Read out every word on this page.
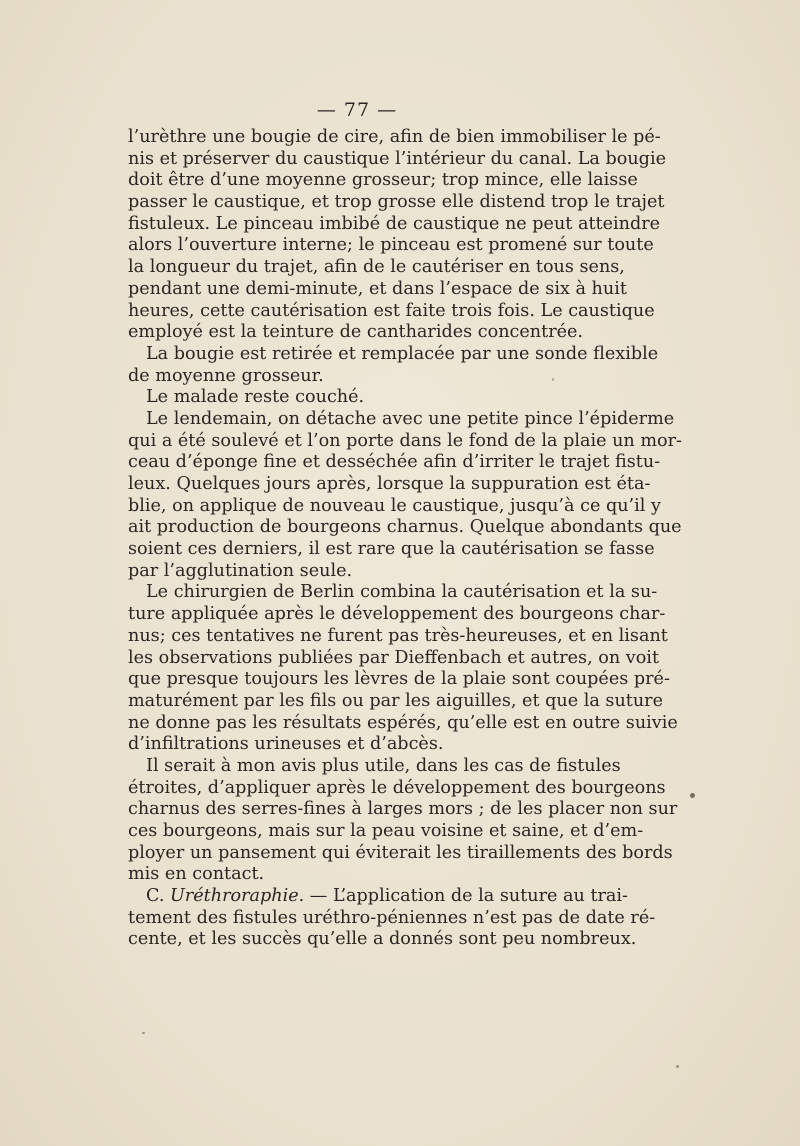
— 77 —
l’urèthre une bougie de cire, afin de bien immobiliser le pé-
nis et préserver du caustique l’intérieur du canal. La bougie
doit être d’une moyenne grosseur; trop mince, elle laisse
passer le caustique, et trop grosse elle distend trop le trajet
fistuleux. Le pinceau imbibé de caustique ne peut atteindre
alors l’ouverture interne; le pinceau est promené sur toute
la longueur du trajet, afin de le cautériser en tous sens,
pendant une demi-minute, et dans l’espace de six à huit
heures, cette cautérisation est faite trois fois. Le caustique
employé est la teinture de cantharides concentrée.
La bougie est retirée et remplacée par une sonde flexible
de moyenne grosseur.
Le malade reste couché.
Le lendemain, on détache avec une petite pince l’épiderme
qui a été soulevé et l’on porte dans le fond de la plaie un mor-
ceau d’éponge fine et desséchée afin d’irriter le trajet fistu-
leux. Quelques jours après, lorsque la suppuration est éta-
blie, on applique de nouveau le caustique, jusqu’à ce qu’il y
ait production de bourgeons charnus. Quelque abondants que
soient ces derniers, il est rare que la cautérisation se fasse
par l’agglutination seule.
Le chirurgien de Berlin combina la cautérisation et la su-
ture appliquée après le développement des bourgeons char-
nus; ces tentatives ne furent pas très-heureuses, et en lisant
les observations publiées par Dieffenbach et autres, on voit
que presque toujours les lèvres de la plaie sont coupées pré-
maturément par les fils ou par les aiguilles, et que la suture
ne donne pas les résultats espérés, qu’elle est en outre suivie
d’infiltrations urineuses et d’abcès.
Il serait à mon avis plus utile, dans les cas de fistules
étroites, d’appliquer après le développement des bourgeons
charnus des serres-fines à larges mors ; de les placer non sur
ces bourgeons, mais sur la peau voisine et saine, et d’em-
ployer un pansement qui éviterait les tiraillements des bords
mis en contact.
C. Uréthroraphie. — L’application de la suture au trai-
tement des fistules uréthro-péniennes n’est pas de date ré-
cente, et les succès qu’elle a donnés sont peu nombreux.
